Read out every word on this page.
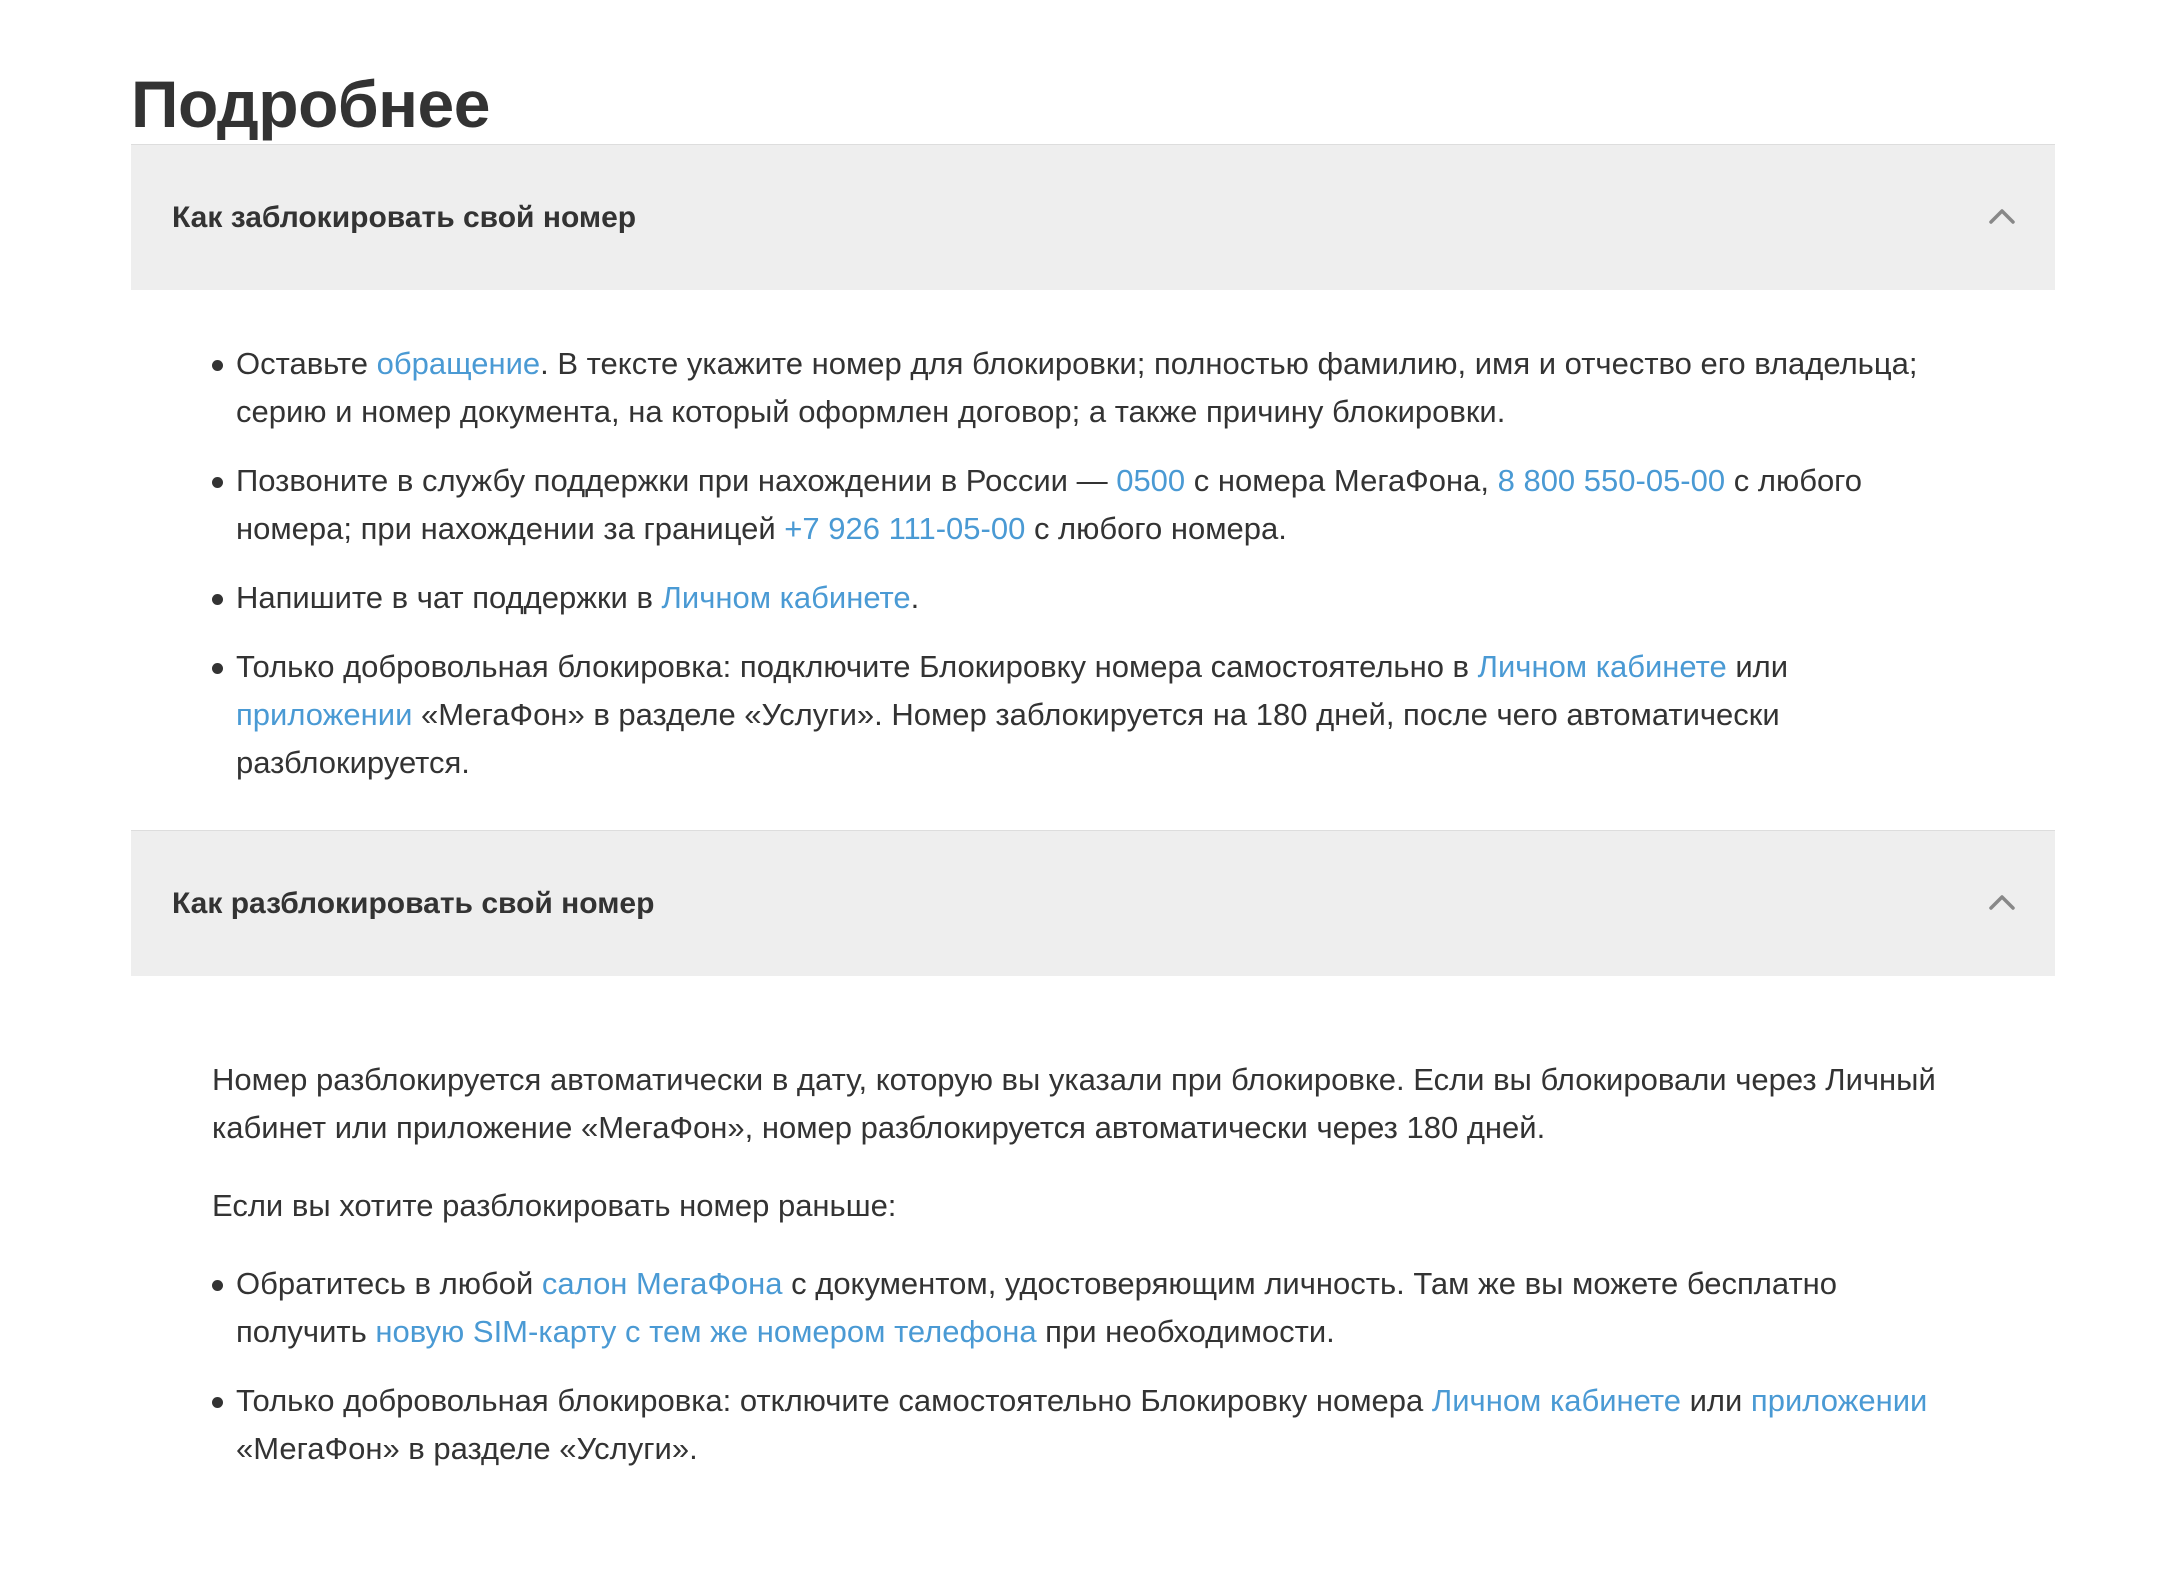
Подробнее
Как заблокировать свой номер
Оставьте обращение. В тексте укажите номер для блокировки; полностью фамилию, имя и отчество его владельца; серию и номер документа, на который оформлен договор; а также причину блокировки.
Позвоните в службу поддержки при нахождении в России — 0500 с номера МегаФона, 8 800 550-05-00 с любого номера; при нахождении за границей +7 926 111-05-00 с любого номера.
Напишите в чат поддержки в Личном кабинете.
Только добровольная блокировка: подключите Блокировку номера самостоятельно в Личном кабинете или приложении «МегаФон» в разделе «Услуги». Номер заблокируется на 180 дней, после чего автоматически разблокируется.
Как разблокировать свой номер

Номер разблокируется автоматически в дату, которую вы указали при блокировке. Если вы блокировали через Личный кабинет или приложение «МегаФон», номер разблокируется автоматически через 180 дней.

Если вы хотите разблокировать номер раньше:

Обратитесь в любой салон МегаФона с документом, удостоверяющим личность. Там же вы можете бесплатно получить новую SIM-карту с тем же номером телефона при необходимости.
Только добровольная блокировка: отключите самостоятельно Блокировку номера Личном кабинете или приложении «МегаФон» в разделе «Услуги».
